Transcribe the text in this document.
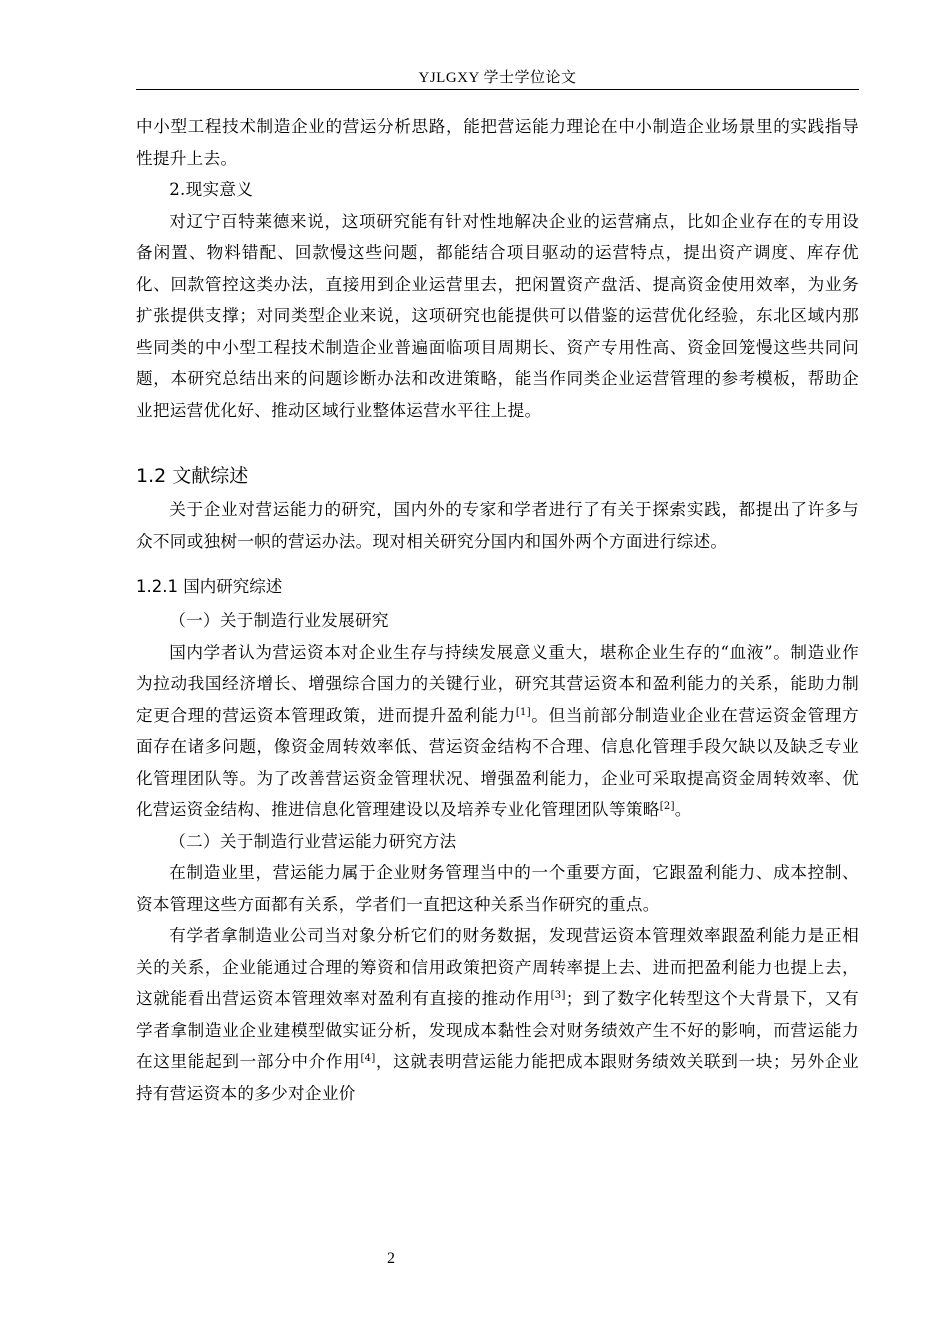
YJLGXY 学士学位论文

中小型工程技术制造企业的营运分析思路，能把营运能力理论在中小制造企业场景里的实践指导性提升上去。

2.现实意义

对辽宁百特莱德来说，这项研究能有针对性地解决企业的运营痛点，比如企业存在的专用设备闲置、物料错配、回款慢这些问题，都能结合项目驱动的运营特点，提出资产调度、库存优化、回款管控这类办法，直接用到企业运营里去，把闲置资产盘活、提高资金使用效率，为业务扩张提供支撑；对同类型企业来说，这项研究也能提供可以借鉴的运营优化经验，东北区域内那些同类的中小型工程技术制造企业普遍面临项目周期长、资产专用性高、资金回笼慢这些共同问题，本研究总结出来的问题诊断办法和改进策略，能当作同类企业运营管理的参考模板，帮助企业把运营优化好、推动区域行业整体运营水平往上提。

1.2 文献综述

关于企业对营运能力的研究，国内外的专家和学者进行了有关于探索实践，都提出了许多与众不同或独树一帜的营运办法。现对相关研究分国内和国外两个方面进行综述。

1.2.1 国内研究综述

（一）关于制造行业发展研究

国内学者认为营运资本对企业生存与持续发展意义重大，堪称企业生存的“血液”。制造业作为拉动我国经济增长、增强综合国力的关键行业，研究其营运资本和盈利能力的关系，能助力制定更合理的营运资本管理政策，进而提升盈利能力[1]。但当前部分制造业企业在营运资金管理方面存在诸多问题，像资金周转效率低、营运资金结构不合理、信息化管理手段欠缺以及缺乏专业化管理团队等。为了改善营运资金管理状况、增强盈利能力，企业可采取提高资金周转效率、优化营运资金结构、推进信息化管理建设以及培养专业化管理团队等策略[2]。

（二）关于制造行业营运能力研究方法

在制造业里，营运能力属于企业财务管理当中的一个重要方面，它跟盈利能力、成本控制、资本管理这些方面都有关系，学者们一直把这种关系当作研究的重点。

有学者拿制造业公司当对象分析它们的财务数据，发现营运资本管理效率跟盈利能力是正相关的关系，企业能通过合理的筹资和信用政策把资产周转率提上去、进而把盈利能力也提上去，这就能看出营运资本管理效率对盈利有直接的推动作用[3]；到了数字化转型这个大背景下，又有学者拿制造业企业建模型做实证分析，发现成本黏性会对财务绩效产生不好的影响，而营运能力在这里能起到一部分中介作用[4]，这就表明营运能力能把成本跟财务绩效关联到一块；另外企业持有营运资本的多少对企业价

2
